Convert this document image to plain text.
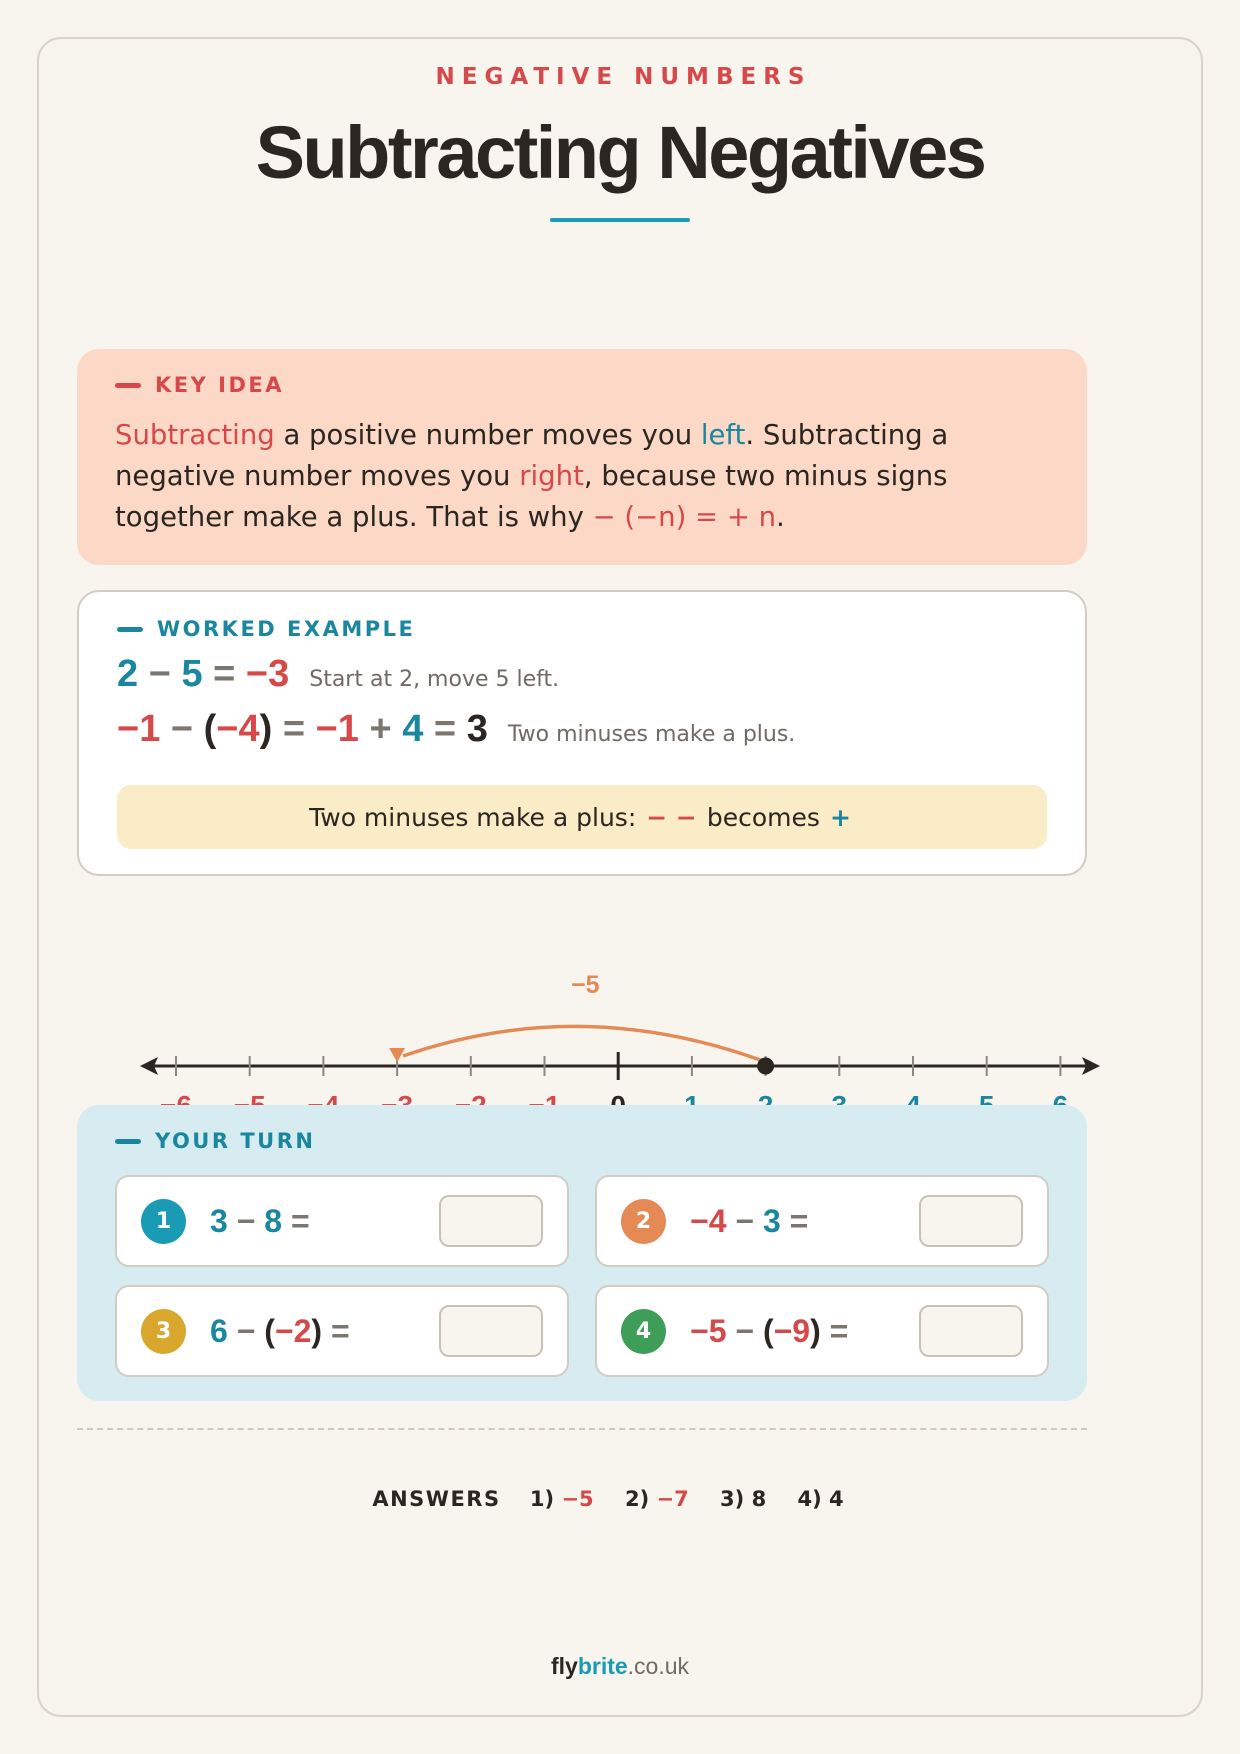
NEGATIVE NUMBERS
Subtracting Negatives
KEY IDEA

Subtracting a positive number moves you left. Subtracting a negative number moves you right, because two minus signs together make a plus. That is why − (−n) = + n.

WORKED EXAMPLE
2 − 5 = −3 Start at 2, move 5 left.
−1 − (−4) = −1 + 4 = 3 Two minuses make a plus.
Two minuses make a plus: − − becomes +
−5
YOUR TURN
1	3 − 8 =	2	−4 − 3 =
3	6 − (−2) =	4	−5 − (−9) =
ANSWERS 1) −5 2) −7 3) 8 4) 4
flybrite.co.uk
